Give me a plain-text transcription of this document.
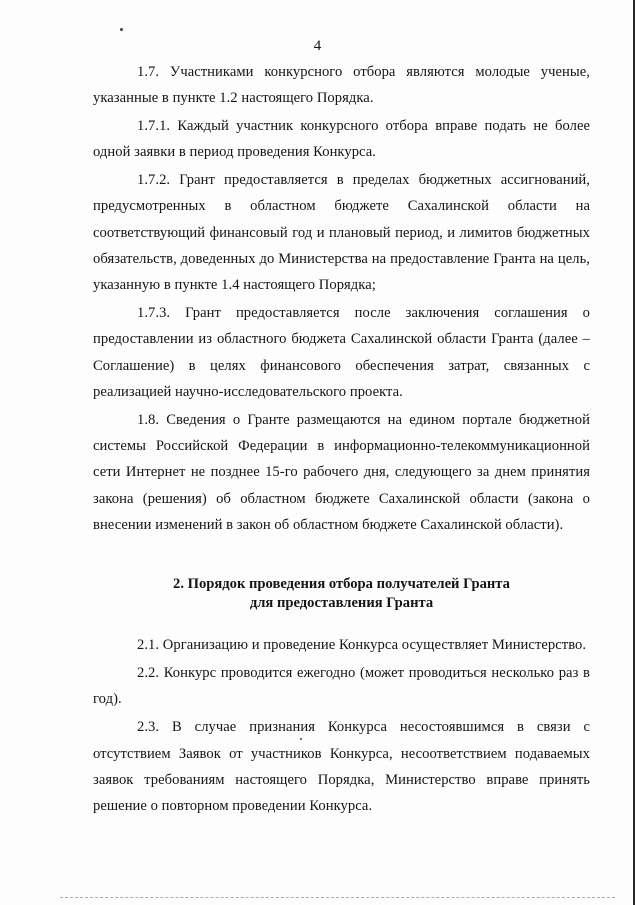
4

1.7. Участниками конкурсного отбора являются молодые ученые, указанные в пункте 1.2 настоящего Порядка.

1.7.1. Каждый участник конкурсного отбора вправе подать не более одной заявки в период проведения Конкурса.

1.7.2. Грант предоставляется в пределах бюджетных ассигнований, предусмотренных в областном бюджете Сахалинской области на соответствующий финансовый год и плановый период, и лимитов бюджетных обязательств, доведенных до Министерства на предоставление Гранта на цель, указанную в пункте 1.4 настоящего Порядка;

1.7.3. Грант предоставляется после заключения соглашения о предоставлении из областного бюджета Сахалинской области Гранта (далее – Соглашение) в целях финансового обеспечения затрат, связанных с реализацией научно-исследовательского проекта.

1.8. Сведения о Гранте размещаются на едином портале бюджетной системы Российской Федерации в информационно-телекоммуникационной сети Интернет не позднее 15-го рабочего дня, следующего за днем принятия закона (решения) об областном бюджете Сахалинской области (закона о внесении изменений в закон об областном бюджете Сахалинской области).

2. Порядок проведения отбора получателей Гранта
для предоставления Гранта

2.1. Организацию и проведение Конкурса осуществляет Министерство.

2.2. Конкурс проводится ежегодно (может проводиться несколько раз в год).

2.3. В случае признания Конкурса несостоявшимся в связи с отсутствием Заявок от участников Конкурса, несоответствием подаваемых заявок требованиям настоящего Порядка, Министерство вправе принять решение о повторном проведении Конкурса.
